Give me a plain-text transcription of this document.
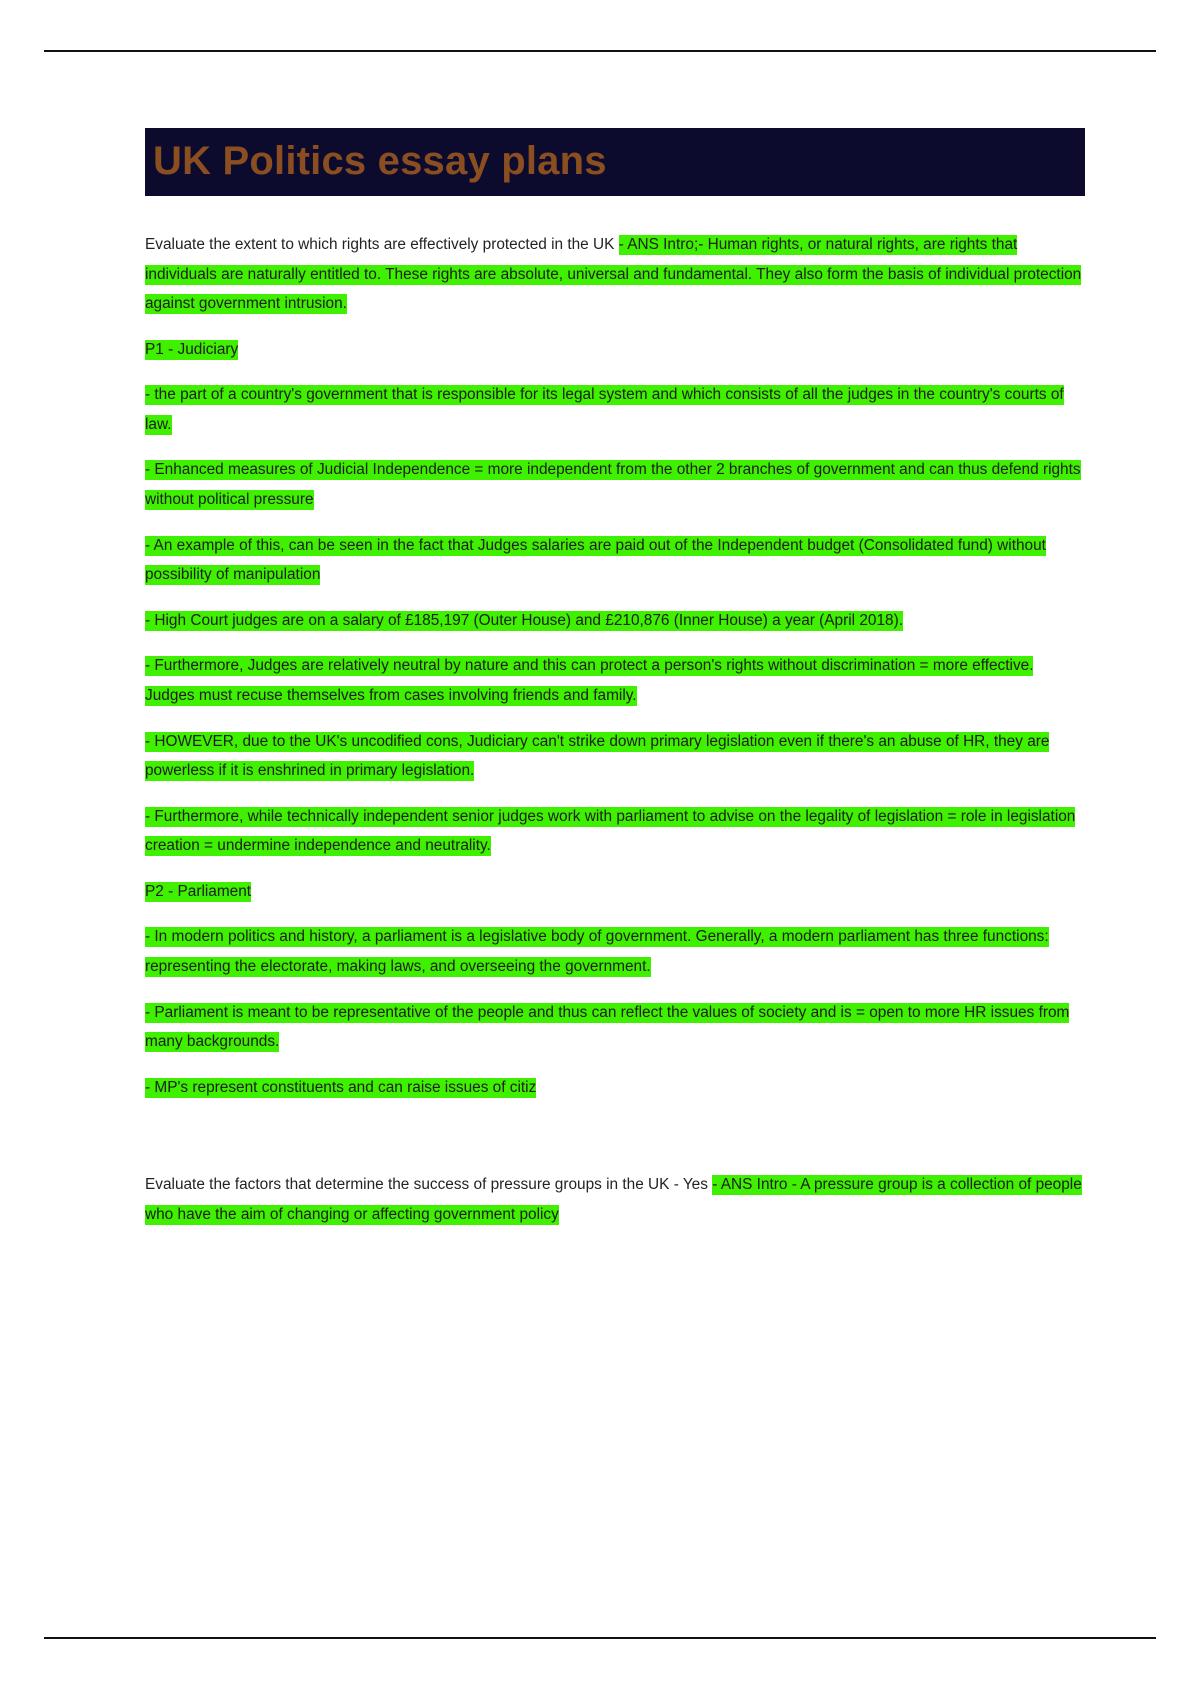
UK Politics essay plans

Evaluate the extent to which rights are effectively protected in the UK - ANS Intro;- Human rights, or natural rights, are rights that individuals are naturally entitled to. These rights are absolute, universal and fundamental. They also form the basis of individual protection against government intrusion.

P1 - Judiciary

- the part of a country's government that is responsible for its legal system and which consists of all the judges in the country's courts of law.

- Enhanced measures of Judicial Independence = more independent from the other 2 branches of government and can thus defend rights without political pressure

- An example of this, can be seen in the fact that Judges salaries are paid out of the Independent budget (Consolidated fund) without possibility of manipulation

- High Court judges are on a salary of £185,197 (Outer House) and £210,876 (Inner House) a year (April 2018).

- Furthermore, Judges are relatively neutral by nature and this can protect a person's rights without discrimination = more effective. Judges must recuse themselves from cases involving friends and family.

- HOWEVER, due to the UK's uncodified cons, Judiciary can't strike down primary legislation even if there's an abuse of HR, they are powerless if it is enshrined in primary legislation.

- Furthermore, while technically independent senior judges work with parliament to advise on the legality of legislation = role in legislation creation = undermine independence and neutrality.

P2 - Parliament

- In modern politics and history, a parliament is a legislative body of government. Generally, a modern parliament has three functions: representing the electorate, making laws, and overseeing the government.

- Parliament is meant to be representative of the people and thus can reflect the values of society and is = open to more HR issues from many backgrounds.

- MP's represent constituents and can raise issues of citiz

Evaluate the factors that determine the success of pressure groups in the UK - Yes - ANS Intro - A pressure group is a collection of people who have the aim of changing or affecting government policy
